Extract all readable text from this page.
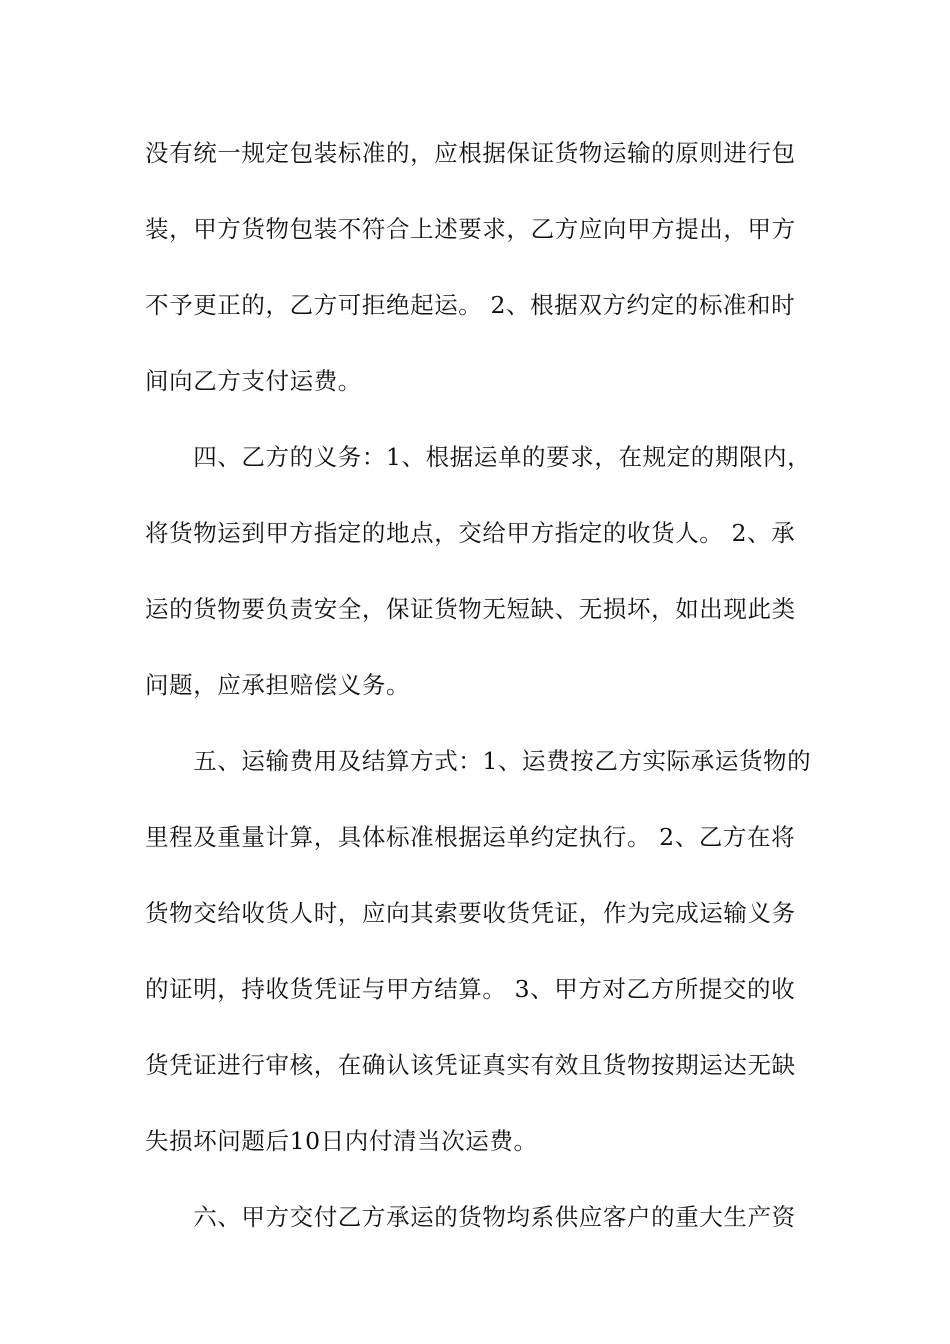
没有统一规定包装标准的，应根据保证货物运输的原则进行包
装，甲方货物包装不符合上述要求，乙方应向甲方提出，甲方
不予更正的，乙方可拒绝起运。 2、根据双方约定的标准和时
间向乙方支付运费。
　　四、乙方的义务：1、根据运单的要求，在规定的期限内，
将货物运到甲方指定的地点，交给甲方指定的收货人。 2、承
运的货物要负责安全，保证货物无短缺、无损坏，如出现此类
问题，应承担赔偿义务。
　　五、运输费用及结算方式：1、运费按乙方实际承运货物的
里程及重量计算，具体标准根据运单约定执行。 2、乙方在将
货物交给收货人时，应向其索要收货凭证，作为完成运输义务
的证明，持收货凭证与甲方结算。 3、甲方对乙方所提交的收
货凭证进行审核，在确认该凭证真实有效且货物按期运达无缺
失损坏问题后10日内付清当次运费。
　　六、甲方交付乙方承运的货物均系供应客户的重大生产资
